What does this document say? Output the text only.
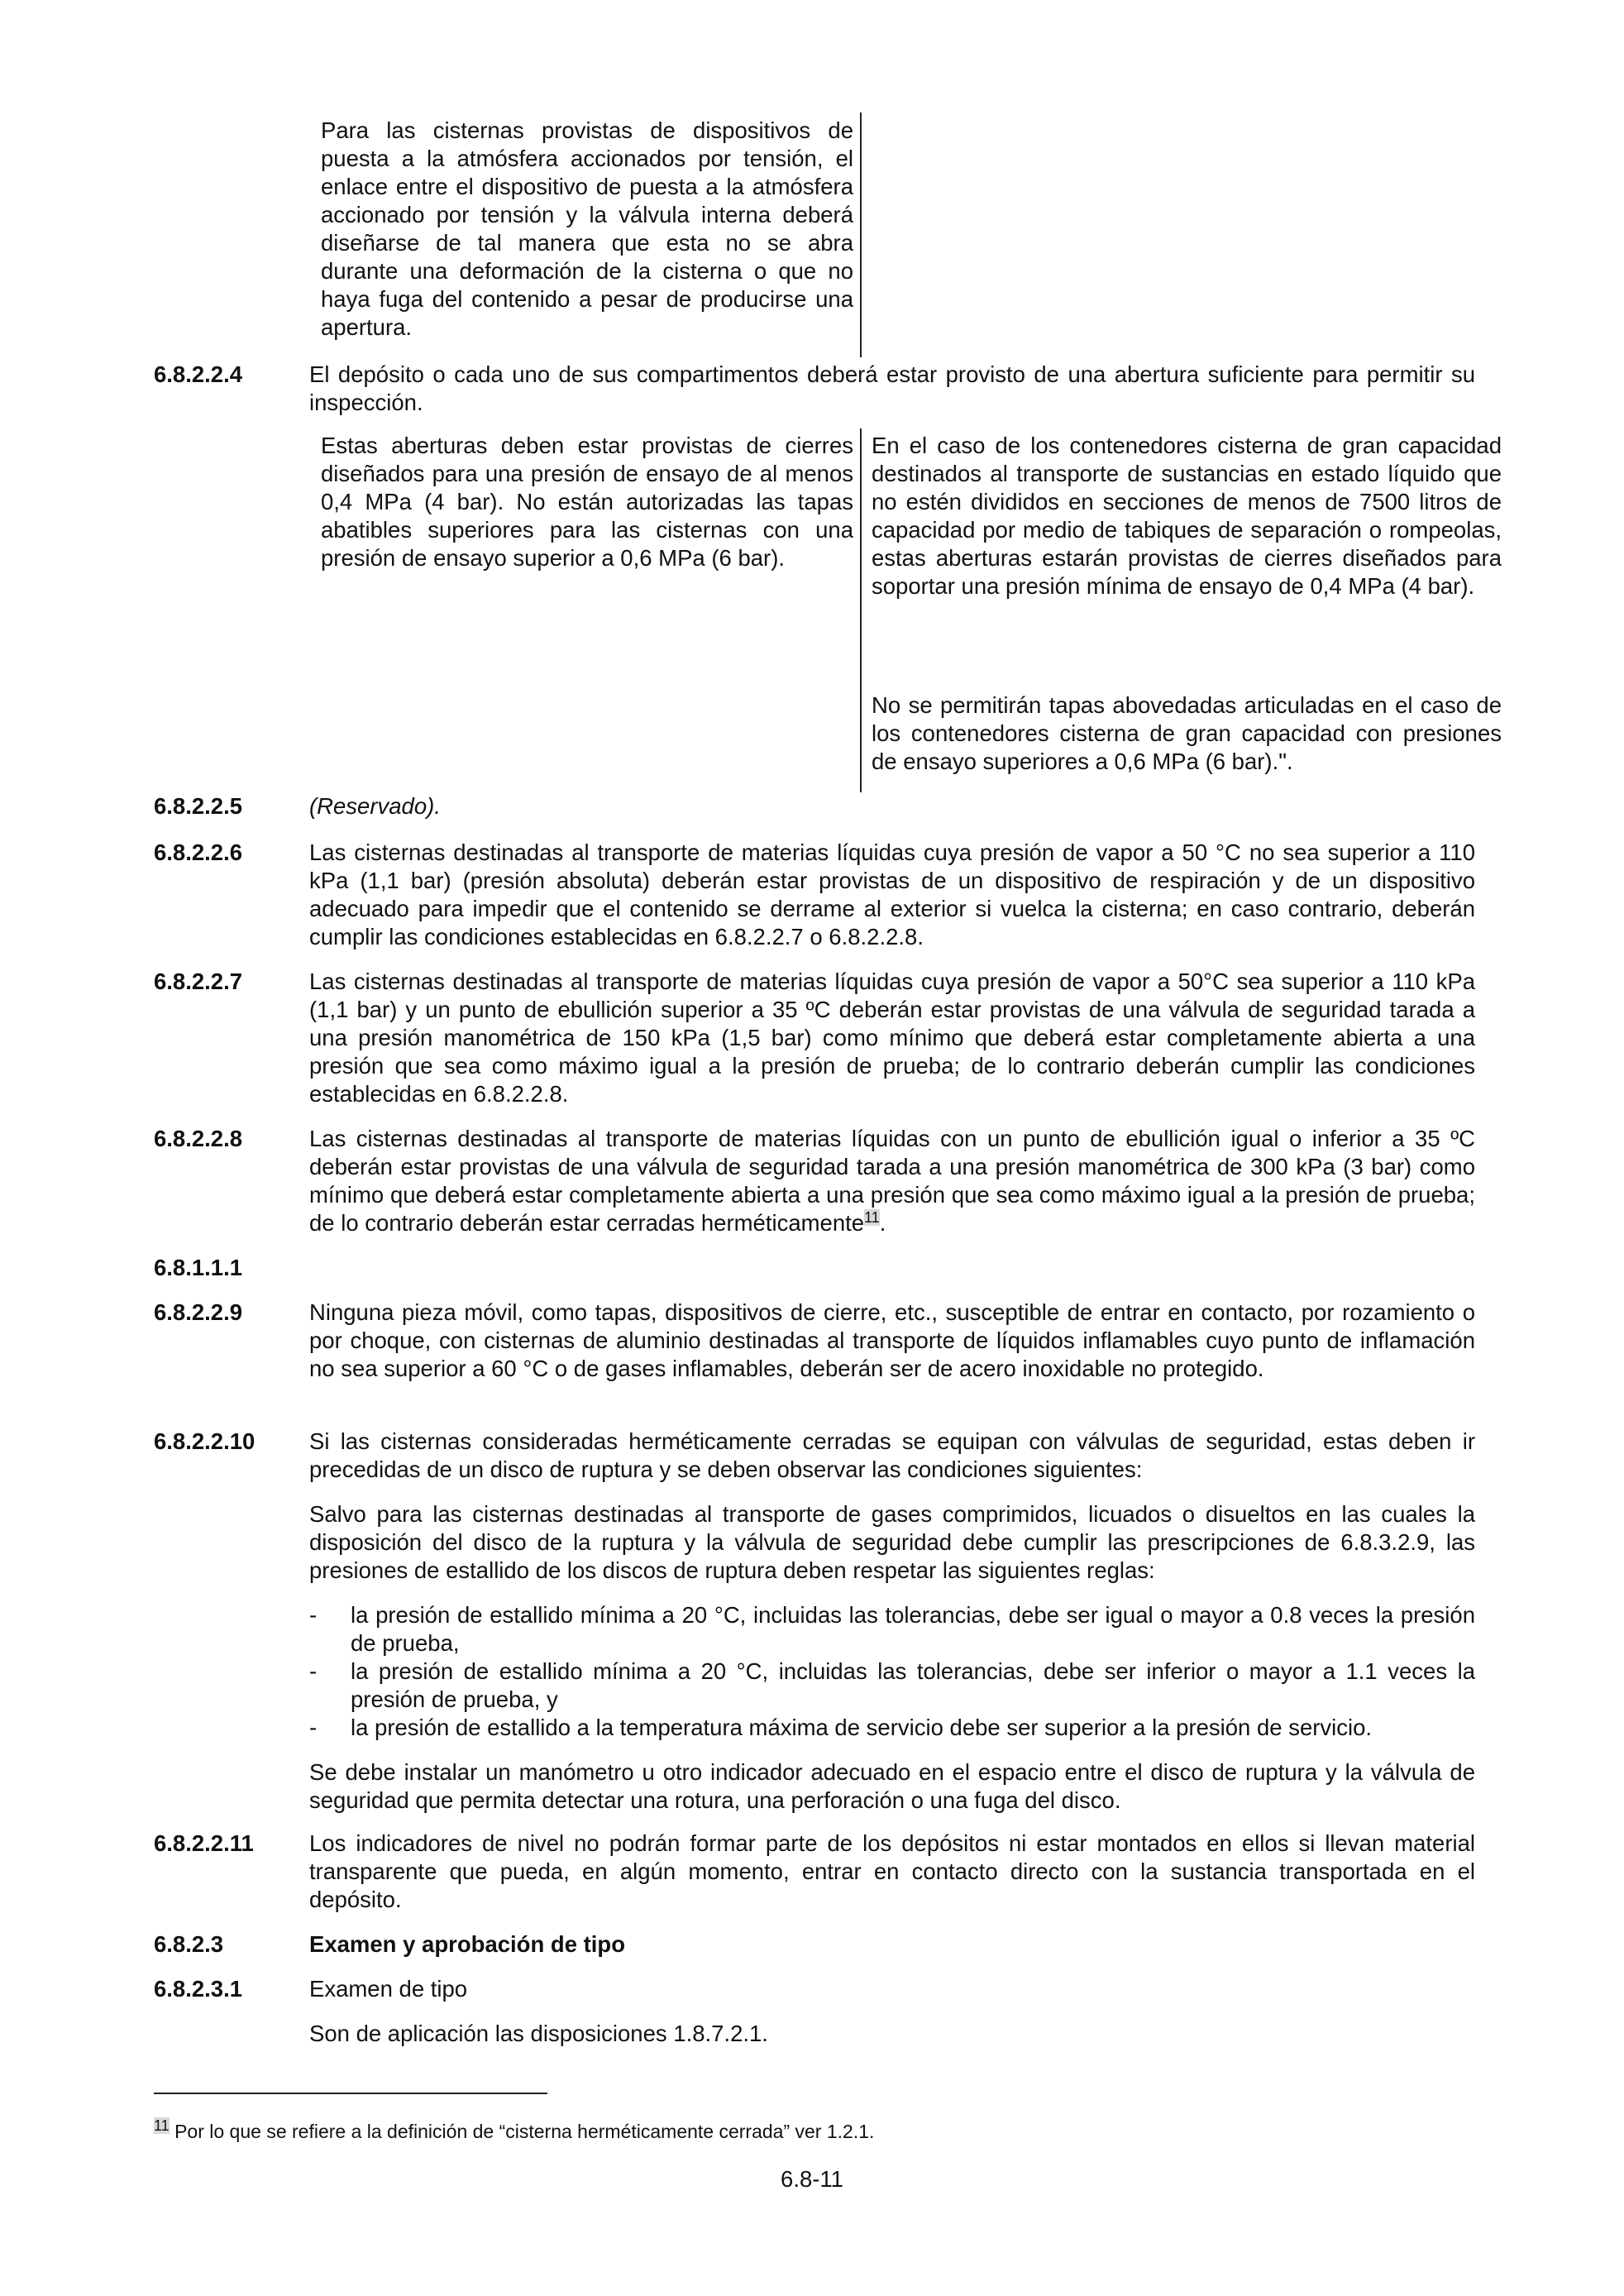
Para las cisternas provistas de dispositivos de puesta a la atmósfera accionados por tensión, el enlace entre el dispositivo de puesta a la atmósfera accionado por tensión y la válvula interna deberá diseñarse de tal manera que esta no se abra durante una deformación de la cisterna o que no haya fuga del contenido a pesar de producirse una apertura.
6.8.2.2.4	El depósito o cada uno de sus compartimentos deberá estar provisto de una abertura suficiente para permitir su inspección.
Estas aberturas deben estar provistas de cierres diseñados para una presión de ensayo de al menos 0,4 MPa (4 bar). No están autorizadas las tapas abatibles superiores para las cisternas con una presión de ensayo superior a 0,6 MPa (6 bar).
En el caso de los contenedores cisterna de gran capacidad destinados al transporte de sustancias en estado líquido que no estén divididos en secciones de menos de 7500 litros de capacidad por medio de tabiques de separación o rompeolas, estas aberturas estarán provistas de cierres diseñados para soportar una presión mínima de ensayo de 0,4 MPa (4 bar).
No se permitirán tapas abovedadas articuladas en el caso de los contenedores cisterna de gran capacidad con presiones de ensayo superiores a 0,6 MPa (6 bar).".
6.8.2.2.5	(Reservado).
6.8.2.2.6	Las cisternas destinadas al transporte de materias líquidas cuya presión de vapor a 50 °C no sea superior a 110 kPa (1,1 bar) (presión absoluta) deberán estar provistas de un dispositivo de respiración y de un dispositivo adecuado para impedir que el contenido se derrame al exterior si vuelca la cisterna; en caso contrario, deberán cumplir las condiciones establecidas en 6.8.2.2.7 o 6.8.2.2.8.
6.8.2.2.7	Las cisternas destinadas al transporte de materias líquidas cuya presión de vapor a 50°C sea superior a 110 kPa (1,1 bar) y un punto de ebullición superior a 35 ºC deberán estar provistas de una válvula de seguridad tarada a una presión manométrica de 150 kPa (1,5 bar) como mínimo que deberá estar completamente abierta a una presión que sea como máximo igual a la presión de prueba; de lo contrario deberán cumplir las condiciones establecidas en 6.8.2.2.8.
6.8.2.2.8	Las cisternas destinadas al transporte de materias líquidas con un punto de ebullición igual o inferior a 35 ºC deberán estar provistas de una válvula de seguridad tarada a una presión manométrica de 300 kPa (3 bar) como mínimo que deberá estar completamente abierta a una presión que sea como máximo igual a la presión de prueba; de lo contrario deberán estar cerradas herméticamente$^{11}$.
6.8.1.1.1
6.8.2.2.9	Ninguna pieza móvil, como tapas, dispositivos de cierre, etc., susceptible de entrar en contacto, por rozamiento o por choque, con cisternas de aluminio destinadas al transporte de líquidos inflamables cuyo punto de inflamación no sea superior a 60 °C o de gases inflamables, deberán ser de acero inoxidable no protegido.
6.8.2.2.10 Si las cisternas consideradas herméticamente cerradas se equipan con válvulas de seguridad, estas deben ir precedidas de un disco de ruptura y se deben observar las condiciones siguientes:
Salvo para las cisternas destinadas al transporte de gases comprimidos, licuados o disueltos en las cuales la disposición del disco de la ruptura y la válvula de seguridad debe cumplir las prescripciones de 6.8.3.2.9, las presiones de estallido de los discos de ruptura deben respetar las siguientes reglas:
- la presión de estallido mínima a 20 °C, incluidas las tolerancias, debe ser igual o mayor a 0.8 veces la presión de prueba,
- la presión de estallido mínima a 20 °C, incluidas las tolerancias, debe ser inferior o mayor a 1.1 veces la presión de prueba, y
- la presión de estallido a la temperatura máxima de servicio debe ser superior a la presión de servicio.
Se debe instalar un manómetro u otro indicador adecuado en el espacio entre el disco de ruptura y la válvula de seguridad que permita detectar una rotura, una perforación o una fuga del disco.
6.8.2.2.11 Los indicadores de nivel no podrán formar parte de los depósitos ni estar montados en ellos si llevan material transparente que pueda, en algún momento, entrar en contacto directo con la sustancia transportada en el depósito.
6.8.2.3	Examen y aprobación de tipo
6.8.2.3.1	Examen de tipo
Son de aplicación las disposiciones 1.8.7.2.1.
$^{11}$ Por lo que se refiere a la definición de “cisterna herméticamente cerrada” ver 1.2.1.
6.8-11
